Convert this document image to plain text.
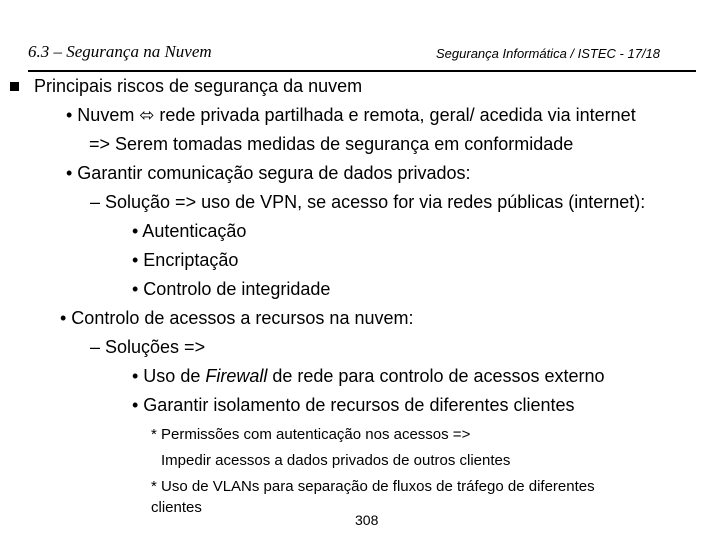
6.3 – Segurança na Nuvem	Segurança Informática / ISTEC - 17/18
Principais riscos de segurança da nuvem
• Nuvem ⬄ rede privada partilhada e remota, geral/ acedida via internet
=> Serem tomadas medidas de segurança em conformidade
• Garantir comunicação segura de dados privados:
– Solução => uso de VPN, se acesso for via redes públicas (internet):
• Autenticação
• Encriptação
• Controlo de integridade
• Controlo de acessos a recursos na nuvem:
– Soluções =>
• Uso de Firewall de rede para controlo de acessos externo
• Garantir isolamento de recursos de diferentes clientes
* Permissões com autenticação nos acessos =>
Impedir acessos a dados privados de outros clientes
* Uso de VLANs para separação de fluxos de tráfego de diferentes
clientes
308
